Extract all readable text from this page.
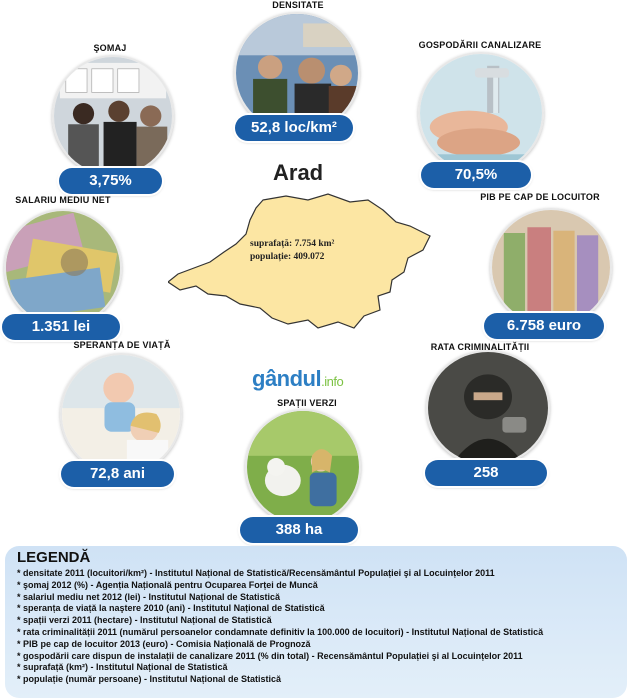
DENSITATE
52,8 loc/km²
ŞOMAJ
3,75%
GOSPODĂRII CANALIZARE
70,5%
SALARIU MEDIU NET
1.351 lei
PIB PE CAP DE LOCUITOR
6.758 euro
SPERANȚA DE VIAȚĂ
72,8 ani
RATA CRIMINALITĂȚII
258
SPAȚII VERZI
388 ha
Arad
suprafață: 7.754 km²
populație: 409.072
gândul.info
LEGENDĂ
* densitate 2011 (locuitori/km²) - Institutul Național de Statistică/Recensământul Populației şi al Locuințelor 2011
* şomaj 2012 (%) - Agenția Națională pentru Ocuparea Forței de Muncă
* salariul mediu net 2012 (lei) - Institutul Național de Statistică
* speranța de viață la naştere 2010 (ani) - Institutul Național de Statistică
* spații verzi 2011 (hectare) - Institutul Național de Statistică
* rata criminalității 2011 (numărul persoanelor condamnate definitiv la 100.000 de locuitori) - Institutul Național de Statistică
* PIB pe cap de locuitor 2013 (euro) - Comisia Națională de Prognoză
* gospodării care dispun de instalații de canalizare 2011 (% din total) - Recensământul Populației şi al Locuințelor 2011
* suprafață (km²) - Institutul Național de Statistică
* populație (număr persoane) - Institutul Național de Statistică
